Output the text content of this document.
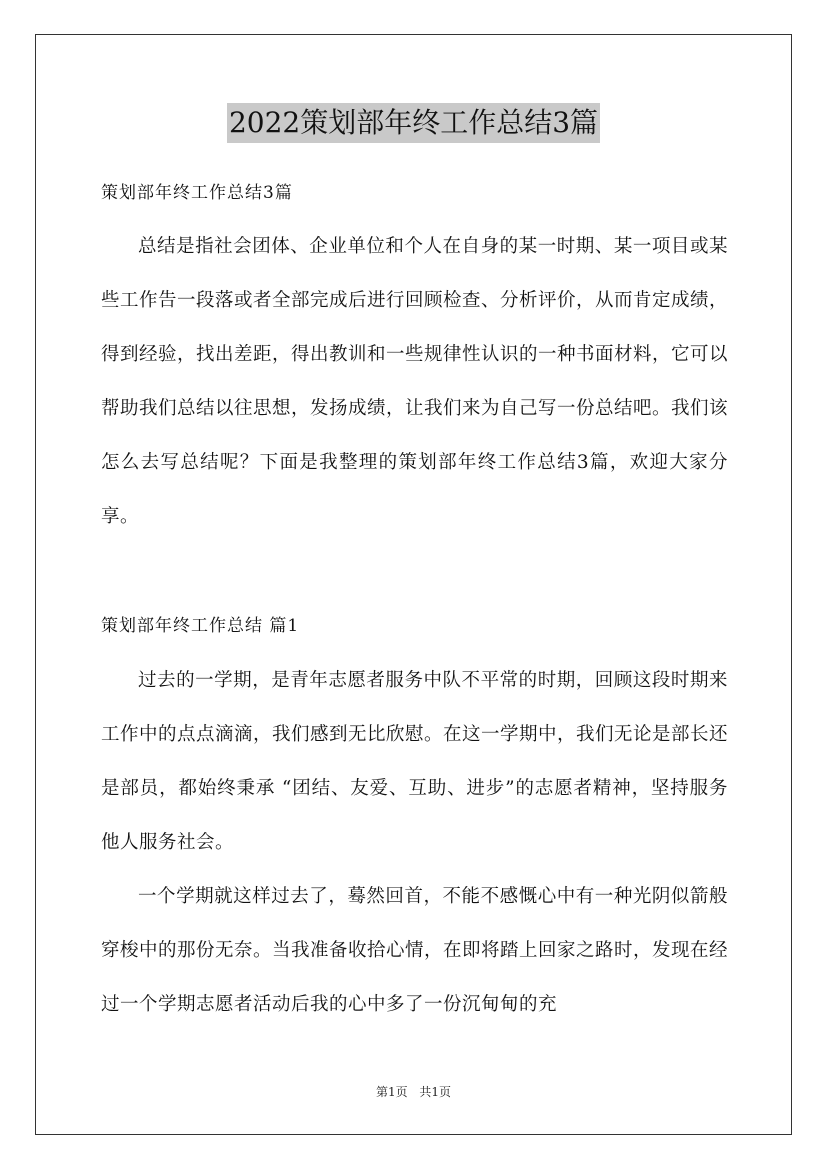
2022策划部年终工作总结3篇
策划部年终工作总结3篇

总结是指社会团体、企业单位和个人在自身的某一时期、某一项目或某些工作告一段落或者全部完成后进行回顾检查、分析评价，从而肯定成绩，得到经验，找出差距，得出教训和一些规律性认识的一种书面材料，它可以帮助我们总结以往思想，发扬成绩，让我们来为自己写一份总结吧。我们该怎么去写总结呢？下面是我整理的策划部年终工作总结3篇，欢迎大家分享。

策划部年终工作总结 篇1

过去的一学期，是青年志愿者服务中队不平常的时期，回顾这段时期来工作中的点点滴滴，我们感到无比欣慰。在这一学期中，我们无论是部长还是部员，都始终秉承 “团结、友爱、互助、进步”的志愿者精神，坚持服务他人服务社会。

一个学期就这样过去了，蓦然回首，不能不感慨心中有一种光阴似箭般穿梭中的那份无奈。当我准备收拾心情，在即将踏上回家之路时，发现在经过一个学期志愿者活动后我的心中多了一份沉甸甸的充

第1页 共1页
